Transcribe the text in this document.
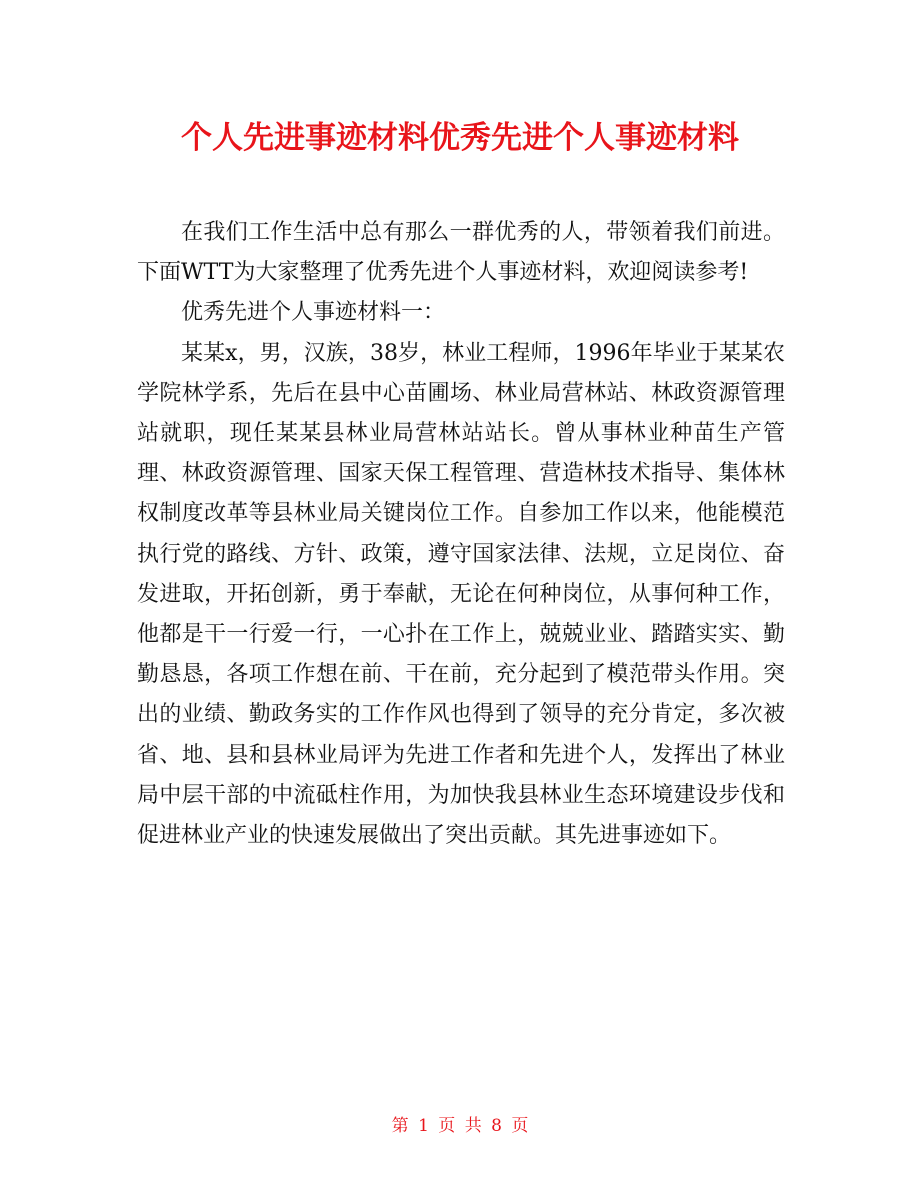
个人先进事迹材料优秀先进个人事迹材料

在我们工作生活中总有那么一群优秀的人，带领着我们前进。下面WTT为大家整理了优秀先进个人事迹材料，欢迎阅读参考!

优秀先进个人事迹材料一：

某某x，男，汉族，38岁，林业工程师，1996年毕业于某某农学院林学系，先后在县中心苗圃场、林业局营林站、林政资源管理站就职，现任某某县林业局营林站站长。曾从事林业种苗生产管理、林政资源管理、国家天保工程管理、营造林技术指导、集体林权制度改革等县林业局关键岗位工作。自参加工作以来，他能模范执行党的路线、方针、政策，遵守国家法律、法规，立足岗位、奋发进取，开拓创新，勇于奉献，无论在何种岗位，从事何种工作，他都是干一行爱一行，一心扑在工作上，兢兢业业、踏踏实实、勤勤恳恳，各项工作想在前、干在前，充分起到了模范带头作用。突出的业绩、勤政务实的工作作风也得到了领导的充分肯定，多次被省、地、县和县林业局评为先进工作者和先进个人，发挥出了林业局中层干部的中流砥柱作用，为加快我县林业生态环境建设步伐和促进林业产业的快速发展做出了突出贡献。其先进事迹如下。

第 1 页 共 8 页
